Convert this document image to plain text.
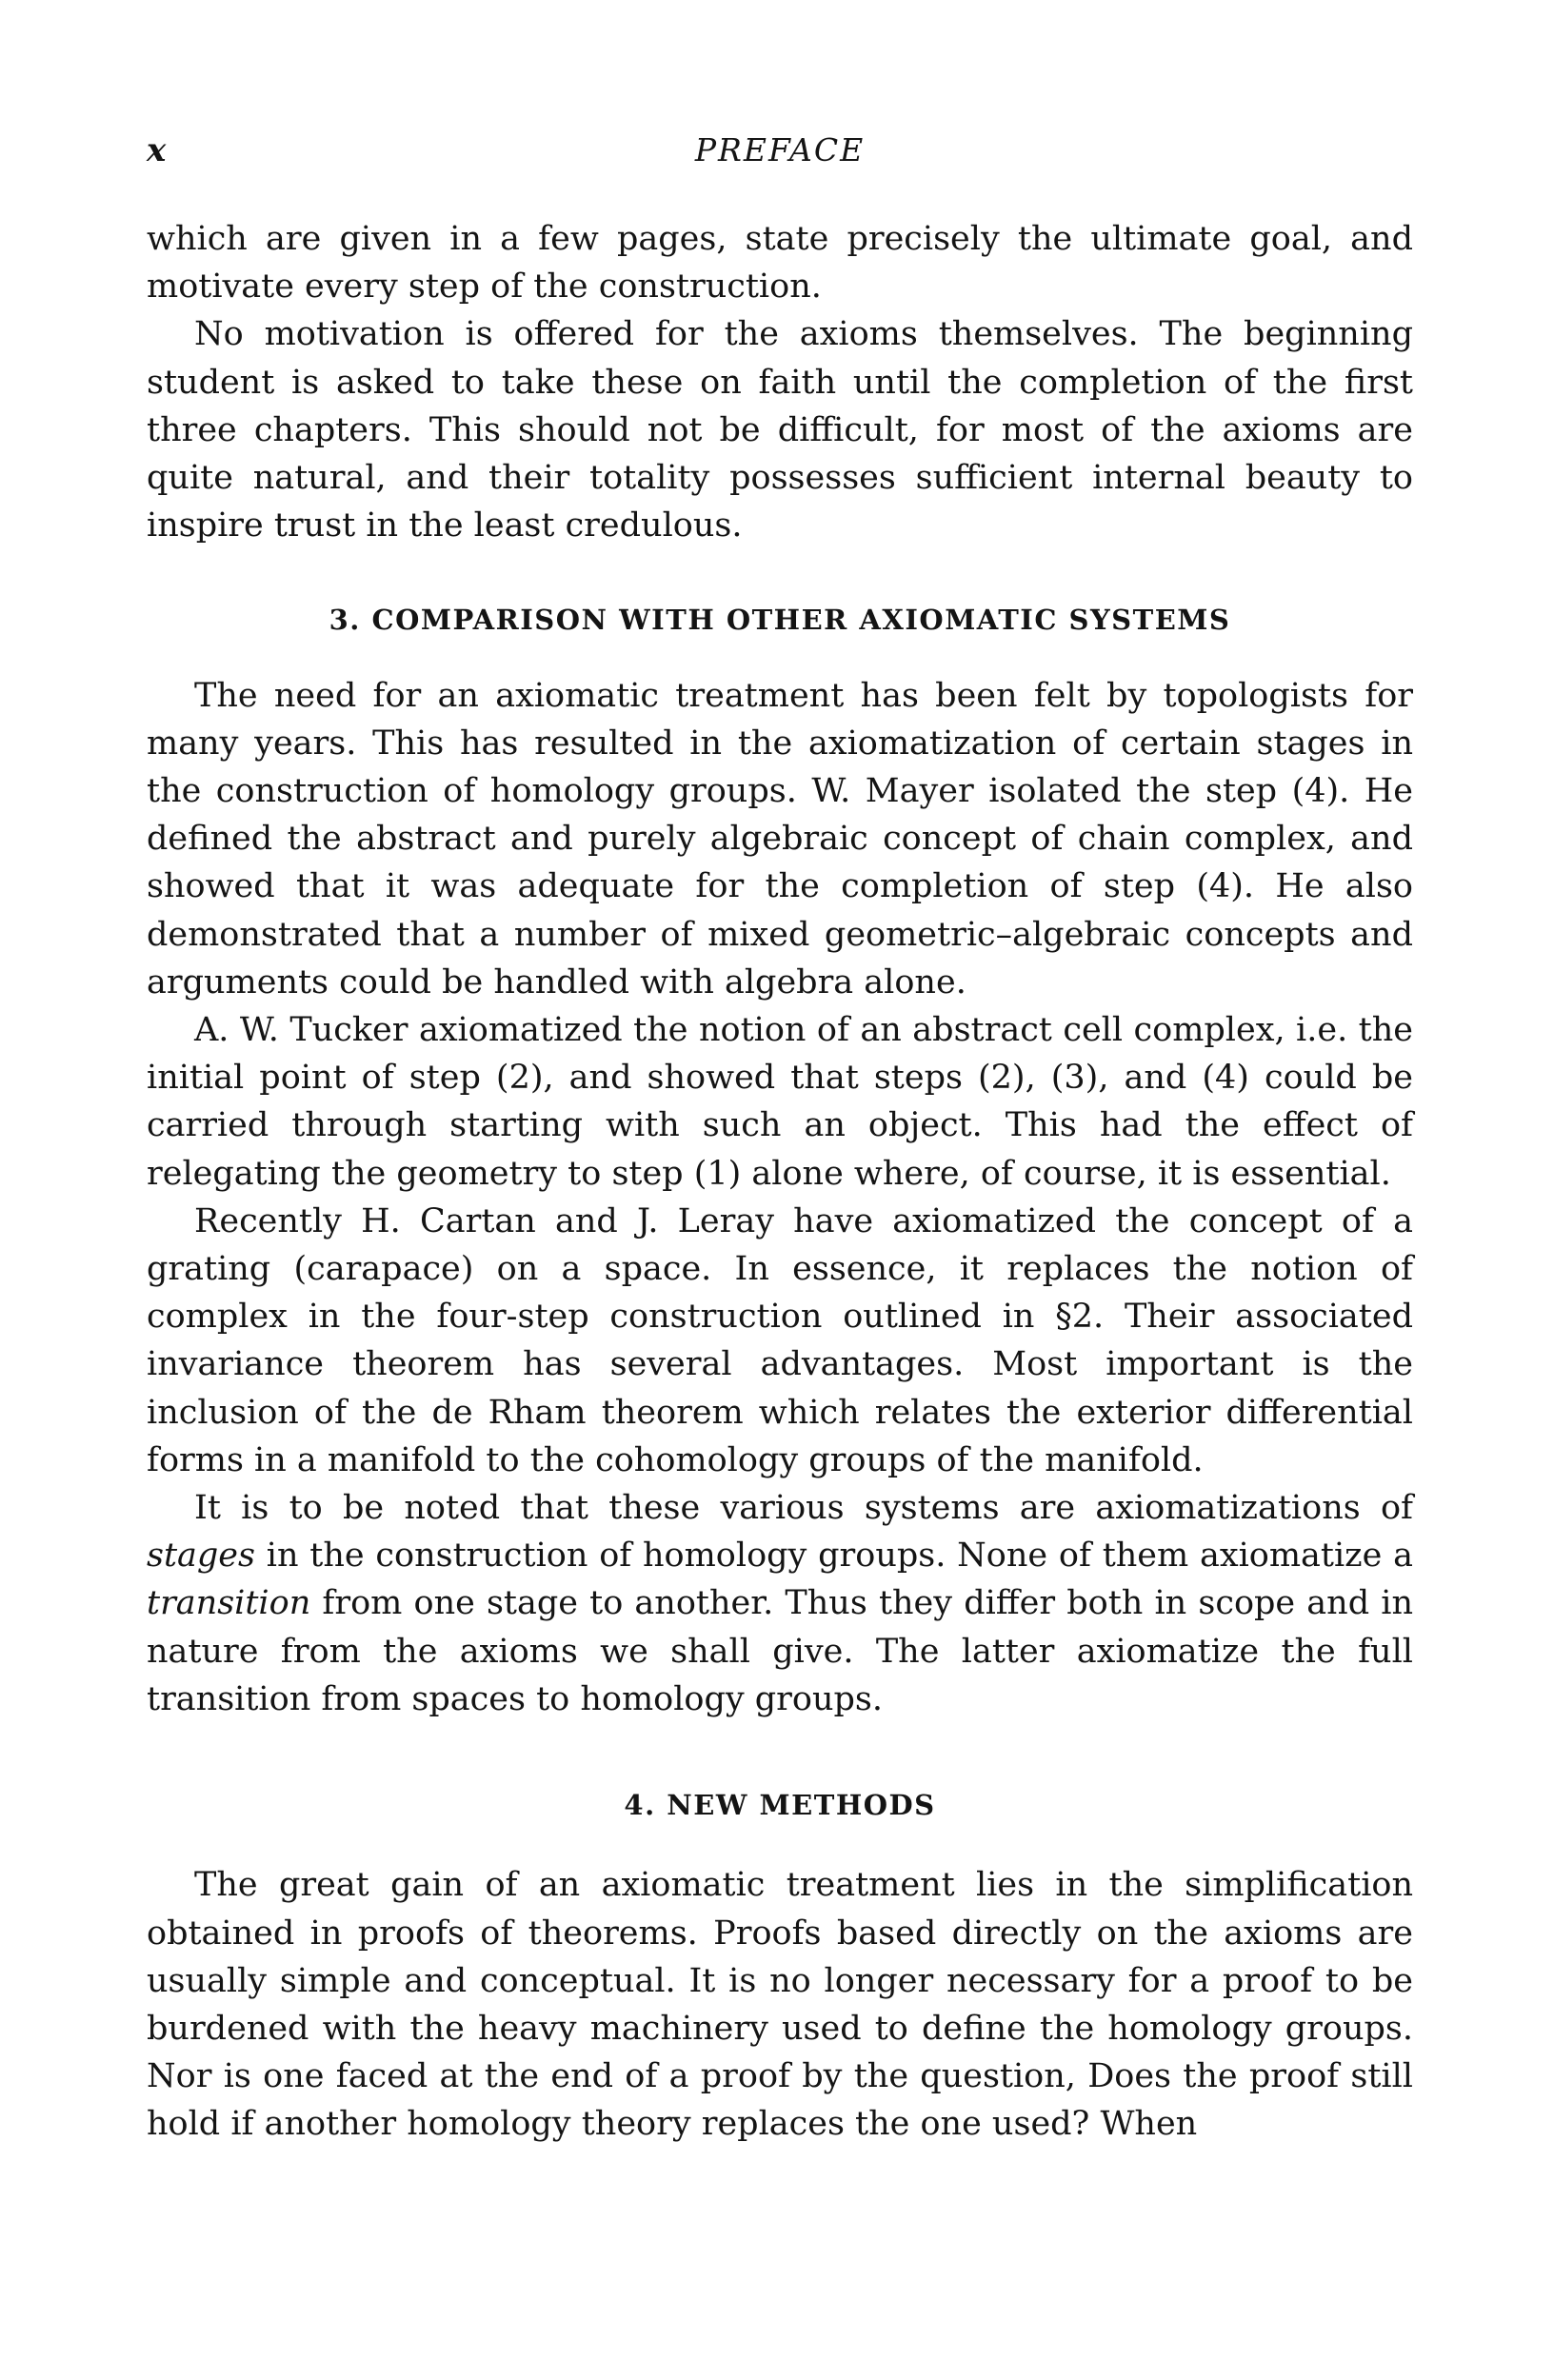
x	PREFACE

which are given in a few pages, state precisely the ultimate goal, and motivate every step of the construction.

No motivation is offered for the axioms themselves. The beginning student is asked to take these on faith until the completion of the first three chapters. This should not be difficult, for most of the axioms are quite natural, and their totality possesses sufficient internal beauty to inspire trust in the least credulous.

3. COMPARISON WITH OTHER AXIOMATIC SYSTEMS

The need for an axiomatic treatment has been felt by topologists for many years. This has resulted in the axiomatization of certain stages in the construction of homology groups. W. Mayer isolated the step (4). He defined the abstract and purely algebraic concept of chain complex, and showed that it was adequate for the completion of step (4). He also demonstrated that a number of mixed geometric–algebraic concepts and arguments could be handled with algebra alone.

A. W. Tucker axiomatized the notion of an abstract cell complex, i.e. the initial point of step (2), and showed that steps (2), (3), and (4) could be carried through starting with such an object. This had the effect of relegating the geometry to step (1) alone where, of course, it is essential.

Recently H. Cartan and J. Leray have axiomatized the concept of a grating (carapace) on a space. In essence, it replaces the notion of complex in the four-step construction outlined in §2. Their associated invariance theorem has several advantages. Most important is the inclusion of the de Rham theorem which relates the exterior differential forms in a manifold to the cohomology groups of the manifold.

It is to be noted that these various systems are axiomatizations of stages in the construction of homology groups. None of them axiomatize a transition from one stage to another. Thus they differ both in scope and in nature from the axioms we shall give. The latter axiomatize the full transition from spaces to homology groups.

4. NEW METHODS

The great gain of an axiomatic treatment lies in the simplification obtained in proofs of theorems. Proofs based directly on the axioms are usually simple and conceptual. It is no longer necessary for a proof to be burdened with the heavy machinery used to define the homology groups. Nor is one faced at the end of a proof by the question, Does the proof still hold if another homology theory replaces the one used? When
